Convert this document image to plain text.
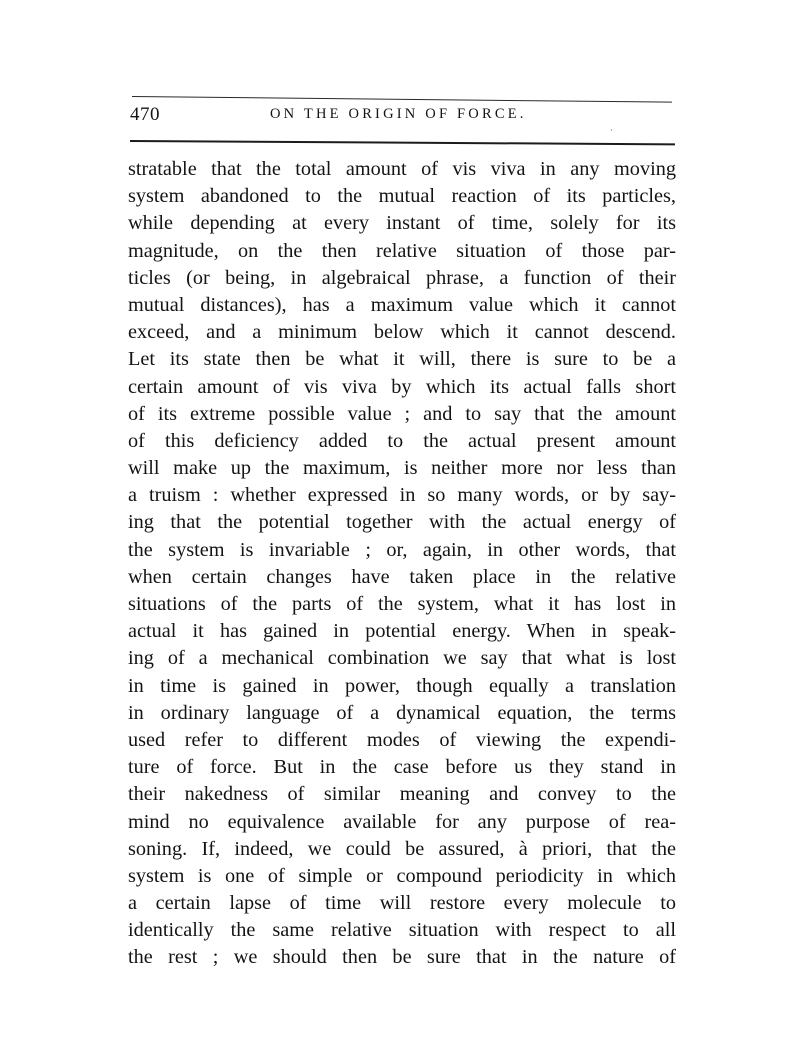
470	ON THE ORIGIN OF FORCE.
·
stratable that the total amount of vis viva in any moving
system abandoned to the mutual reaction of its particles,
while depending at every instant of time, solely for its
magnitude, on the then relative situation of those par-
ticles (or being, in algebraical phrase, a function of their
mutual distances), has a maximum value which it cannot
exceed, and a minimum below which it cannot descend.
Let its state then be what it will, there is sure to be a
certain amount of vis viva by which its actual falls short
of its extreme possible value ; and to say that the amount
of this deficiency added to the actual present amount
will make up the maximum, is neither more nor less than
a truism : whether expressed in so many words, or by say-
ing that the potential together with the actual energy of
the system is invariable ; or, again, in other words, that
when certain changes have taken place in the relative
situations of the parts of the system, what it has lost in
actual it has gained in potential energy. When in speak-
ing of a mechanical combination we say that what is lost
in time is gained in power, though equally a translation
in ordinary language of a dynamical equation, the terms
used refer to different modes of viewing the expendi-
ture of force. But in the case before us they stand in
their nakedness of similar meaning and convey to the
mind no equivalence available for any purpose of rea-
soning. If, indeed, we could be assured, à priori, that the
system is one of simple or compound periodicity in which
a certain lapse of time will restore every molecule to
identically the same relative situation with respect to all
the rest ; we should then be sure that in the nature of
